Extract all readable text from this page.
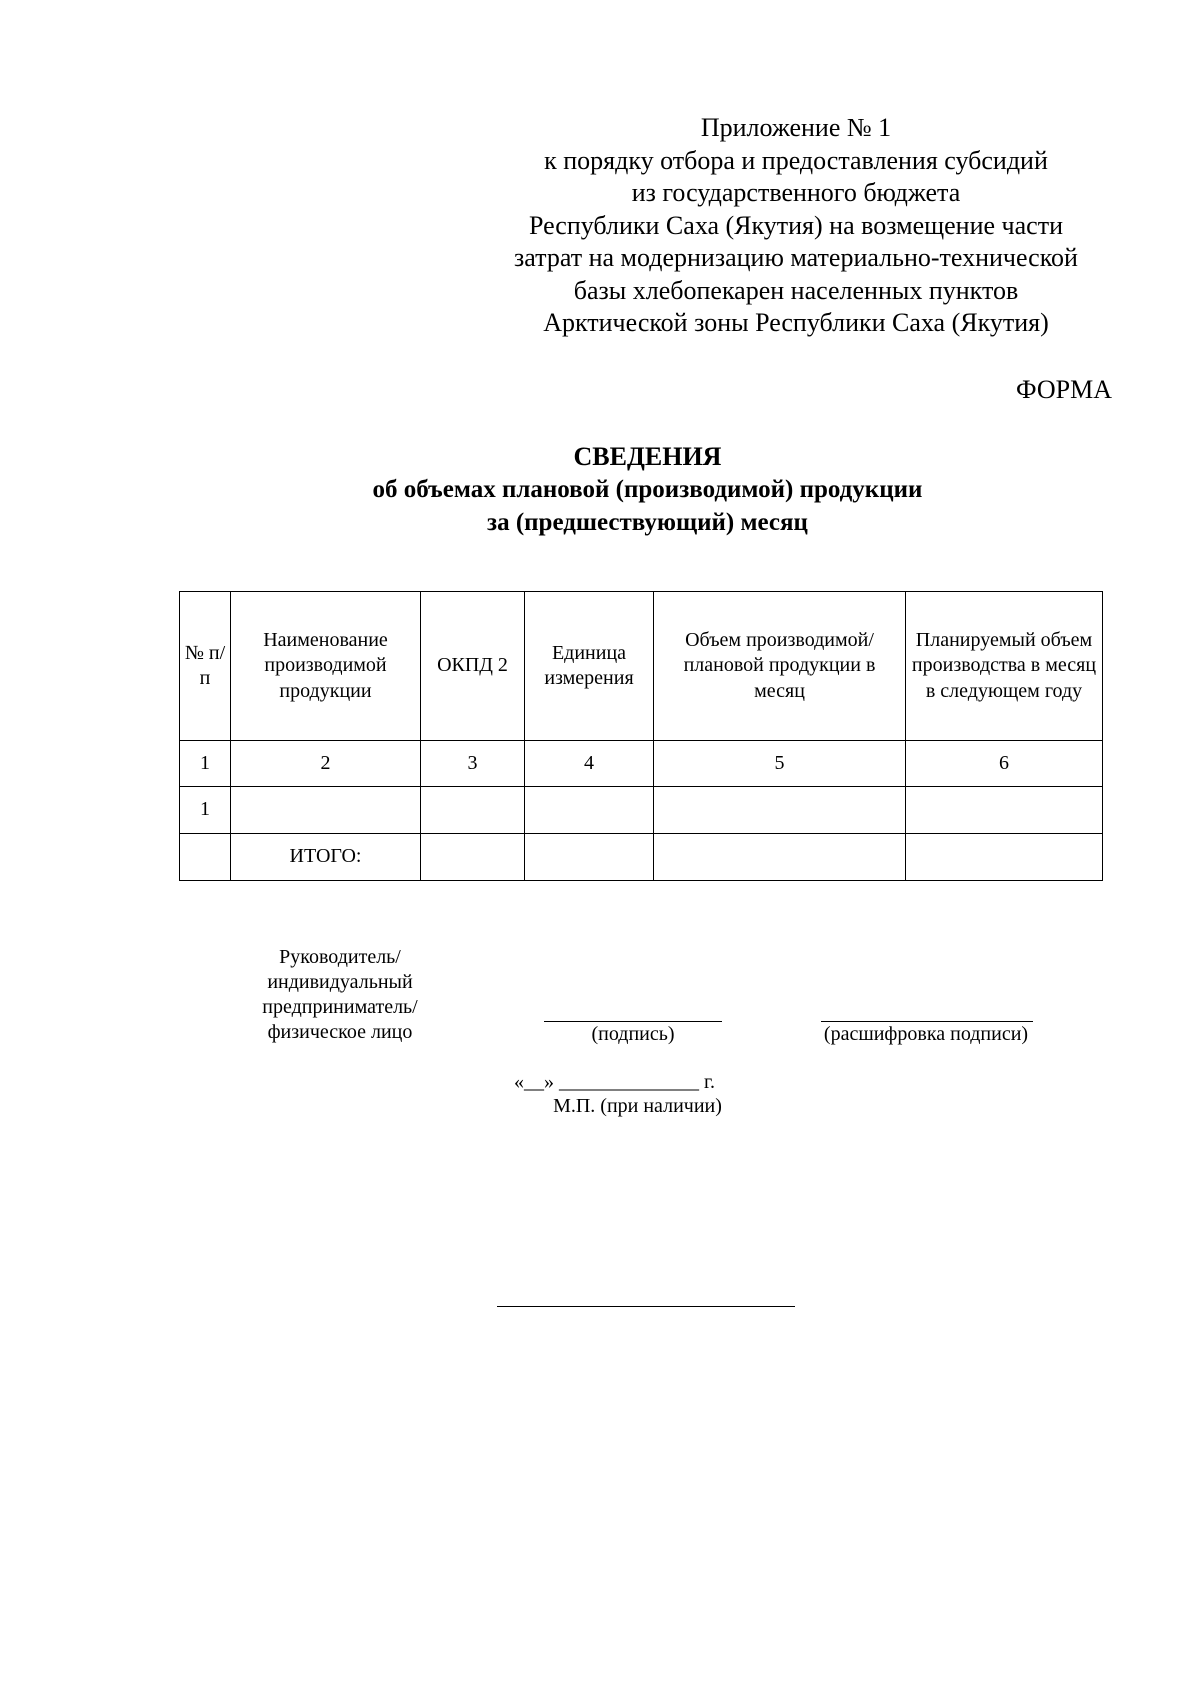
Приложение № 1
к порядку отбора и предоставления субсидий
из государственного бюджета
Республики Саха (Якутия) на возмещение части
затрат на модернизацию материально-технической
базы хлебопекарен населенных пунктов
Арктической зоны Республики Саха (Якутия)
ФОРМА
СВЕДЕНИЯ
об объемах плановой (производимой) продукции
за (предшествующий) месяц
№ п/п	Наименование производимой продукции	ОКПД 2	Единица измерения	Объем производимой/плановой продукции в месяц	Планируемый объем производства в месяц в следующем году
1	2	3	4	5	6
1					
	ИТОГО:				
Руководитель/
индивидуальный
предприниматель/
физическое лицо	(подпись)	(расшифровка подписи)
«__» ______________ г.
М.П. (при наличии)
